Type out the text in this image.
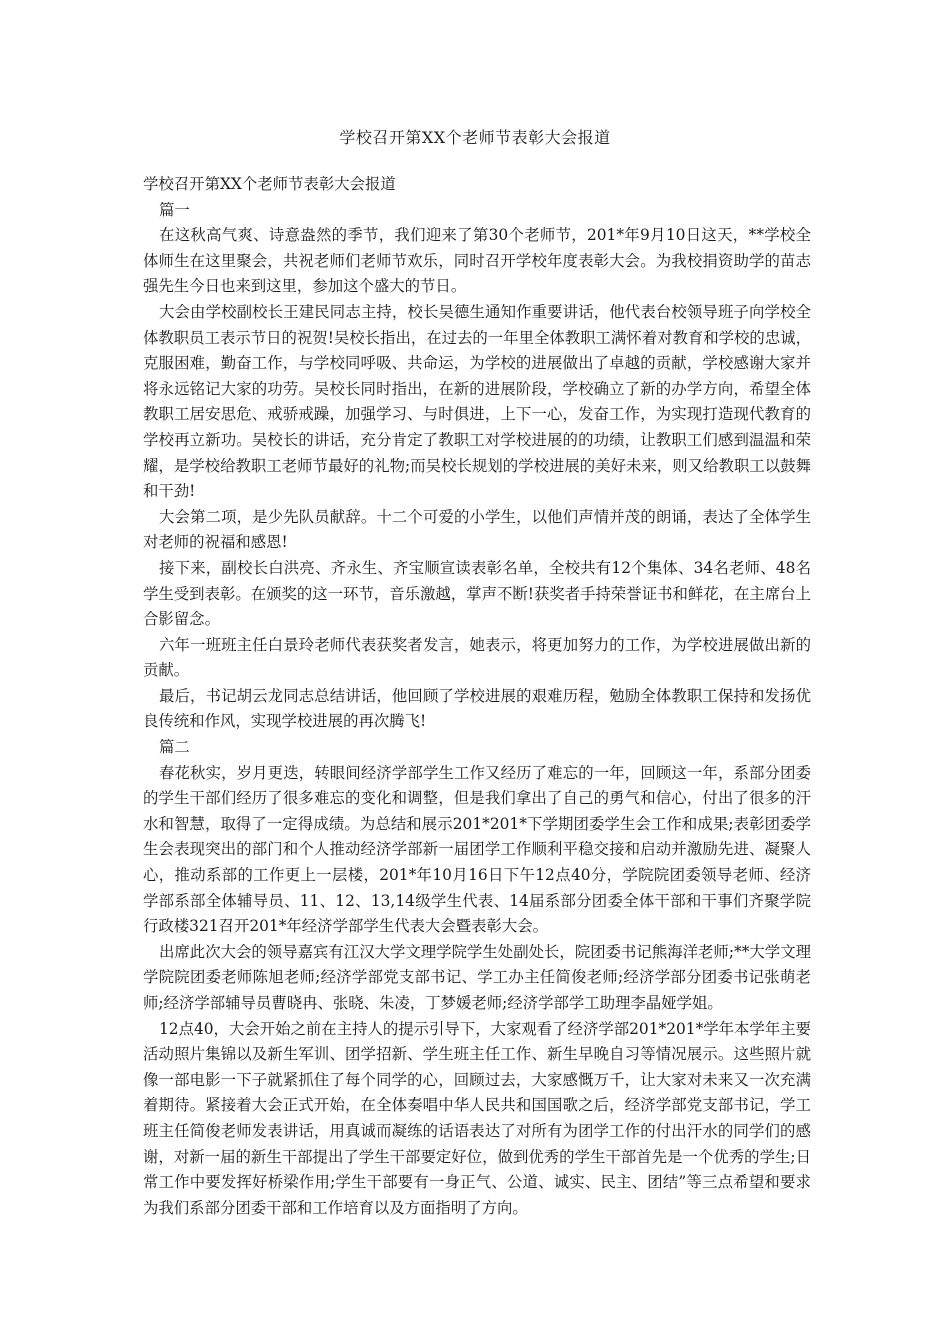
学校召开第XX个老师节表彰大会报道

学校召开第XX个老师节表彰大会报道

篇一

在这秋高气爽、诗意盎然的季节，我们迎来了第30个老师节，201*年9月10日这天，**学校全体师生在这里聚会，共祝老师们老师节欢乐，同时召开学校年度表彰大会。为我校捐资助学的苗志强先生今日也来到这里，参加这个盛大的节日。

大会由学校副校长王建民同志主持，校长吴德生通知作重要讲话，他代表台校领导班子向学校全体教职员工表示节日的祝贺!吴校长指出，在过去的一年里全体教职工满怀着对教育和学校的忠诚，克服困难，勤奋工作，与学校同呼吸、共命运，为学校的进展做出了卓越的贡献，学校感谢大家并将永远铭记大家的功劳。吴校长同时指出，在新的进展阶段，学校确立了新的办学方向，希望全体教职工居安思危、戒骄戒躁，加强学习、与时俱进，上下一心，发奋工作，为实现打造现代教育的学校再立新功。吴校长的讲话，充分肯定了教职工对学校进展的的功绩，让教职工们感到温温和荣耀，是学校给教职工老师节最好的礼物;而吴校长规划的学校进展的美好未来，则又给教职工以鼓舞和干劲!

大会第二项，是少先队员献辞。十二个可爱的小学生，以他们声情并茂的朗诵，表达了全体学生对老师的祝福和感恩!

接下来，副校长白洪亮、齐永生、齐宝顺宣读表彰名单，全校共有12个集体、34名老师、48名学生受到表彰。在颁奖的这一环节，音乐激越，掌声不断!获奖者手持荣誉证书和鲜花，在主席台上合影留念。

六年一班班主任白景玲老师代表获奖者发言，她表示，将更加努力的工作，为学校进展做出新的贡献。

最后，书记胡云龙同志总结讲话，他回顾了学校进展的艰难历程，勉励全体教职工保持和发扬优良传统和作风，实现学校进展的再次腾飞!

篇二

春花秋实，岁月更迭，转眼间经济学部学生工作又经历了难忘的一年，回顾这一年，系部分团委的学生干部们经历了很多难忘的变化和调整，但是我们拿出了自己的勇气和信心，付出了很多的汗水和智慧，取得了一定得成绩。为总结和展示201*201*下学期团委学生会工作和成果;表彰团委学生会表现突出的部门和个人推动经济学部新一届团学工作顺利平稳交接和启动并激励先进、凝聚人心，推动系部的工作更上一层楼，201*年10月16日下午12点40分，学院院团委领导老师、经济学部系部全体辅导员、11、12、13,14级学生代表、14届系部分团委全体干部和干事们齐聚学院行政楼321召开201*年经济学部学生代表大会暨表彰大会。

出席此次大会的领导嘉宾有江汉大学文理学院学生处副处长，院团委书记熊海洋老师;**大学文理学院院团委老师陈旭老师;经济学部党支部书记、学工办主任简俊老师;经济学部分团委书记张萌老师;经济学部辅导员曹晓冉、张晓、朱凌，丁梦媛老师;经济学部学工助理李晶娅学姐。

12点40，大会开始之前在主持人的提示引导下，大家观看了经济学部201*201*学年本学年主要活动照片集锦以及新生军训、团学招新、学生班主任工作、新生早晚自习等情况展示。这些照片就像一部电影一下子就紧抓住了每个同学的心，回顾过去，大家感慨万千，让大家对未来又一次充满着期待。紧接着大会正式开始，在全体奏唱中华人民共和国国歌之后，经济学部党支部书记，学工班主任简俊老师发表讲话，用真诚而凝练的话语表达了对所有为团学工作的付出汗水的同学们的感谢，对新一届的新生干部提出了学生干部要定好位，做到优秀的学生干部首先是一个优秀的学生;日常工作中要发挥好桥梁作用;学生干部要有一身正气、公道、诚实、民主、团结”等三点希望和要求为我们系部分团委干部和工作培育以及方面指明了方向。
